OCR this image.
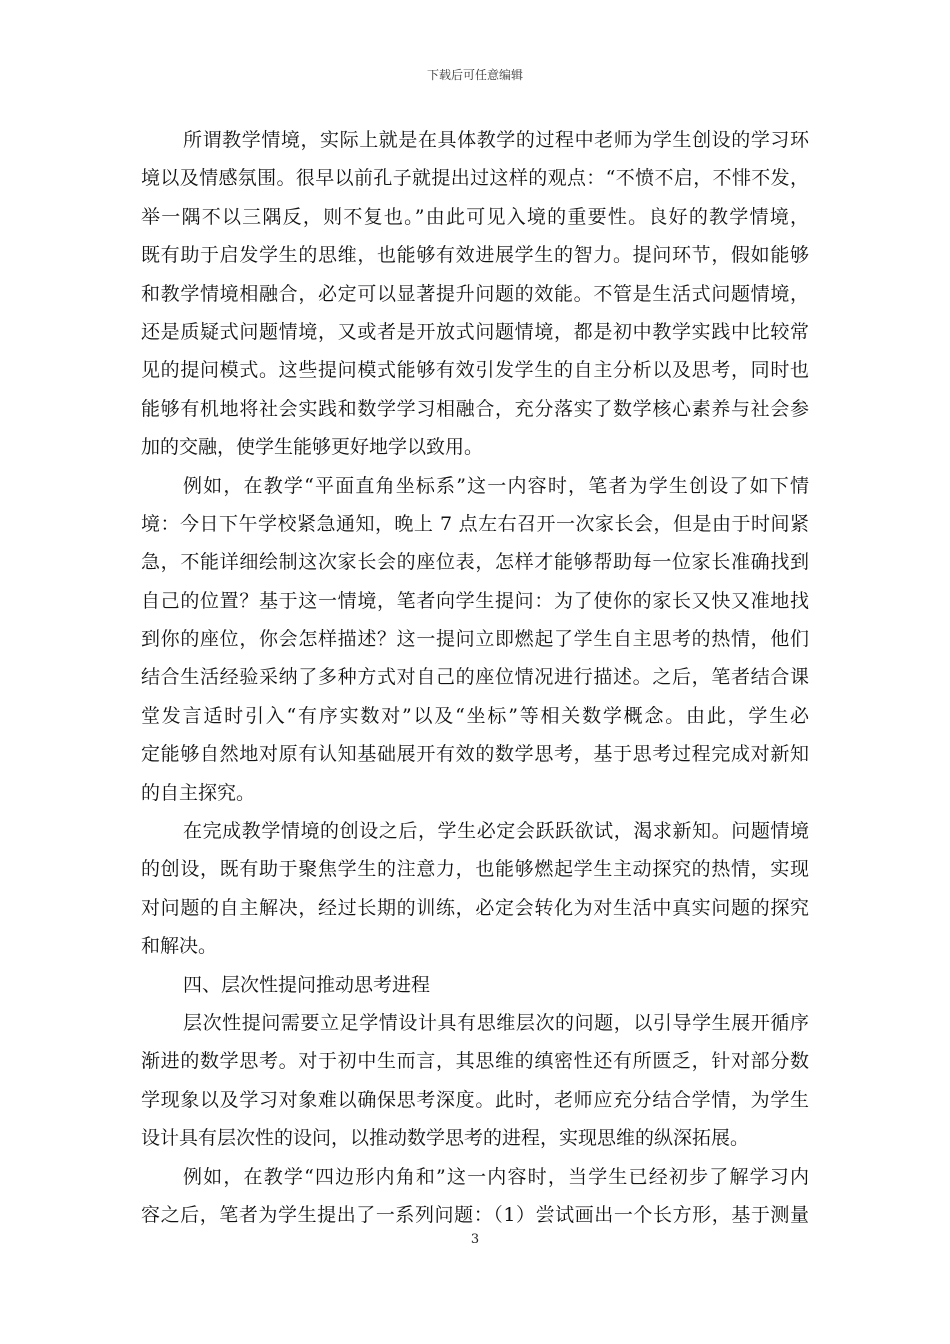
下载后可任意编辑
所谓教学情境，实际上就是在具体教学的过程中老师为学生创设的学习环
境以及情感氛围。很早以前孔子就提出过这样的观点：“不愤不启，不悱不发，
举一隅不以三隅反，则不复也。”由此可见入境的重要性。良好的教学情境，
既有助于启发学生的思维，也能够有效进展学生的智力。提问环节，假如能够
和教学情境相融合，必定可以显著提升问题的效能。不管是生活式问题情境，
还是质疑式问题情境，又或者是开放式问题情境，都是初中教学实践中比较常
见的提问模式。这些提问模式能够有效引发学生的自主分析以及思考，同时也
能够有机地将社会实践和数学学习相融合，充分落实了数学核心素养与社会参
加的交融，使学生能够更好地学以致用。
例如，在教学“平面直角坐标系”这一内容时，笔者为学生创设了如下情
境：今日下午学校紧急通知，晚上 7 点左右召开一次家长会，但是由于时间紧
急，不能详细绘制这次家长会的座位表，怎样才能够帮助每一位家长准确找到
自己的位置？基于这一情境，笔者向学生提问：为了使你的家长又快又准地找
到你的座位，你会怎样描述？这一提问立即燃起了学生自主思考的热情，他们
结合生活经验采纳了多种方式对自己的座位情况进行描述。之后，笔者结合课
堂发言适时引入“有序实数对”以及“坐标”等相关数学概念。由此，学生必
定能够自然地对原有认知基础展开有效的数学思考，基于思考过程完成对新知
的自主探究。
在完成教学情境的创设之后，学生必定会跃跃欲试，渴求新知。问题情境
的创设，既有助于聚焦学生的注意力，也能够燃起学生主动探究的热情，实现
对问题的自主解决，经过长期的训练，必定会转化为对生活中真实问题的探究
和解决。
四、层次性提问推动思考进程
层次性提问需要立足学情设计具有思维层次的问题，以引导学生展开循序
渐进的数学思考。对于初中生而言，其思维的缜密性还有所匮乏，针对部分数
学现象以及学习对象难以确保思考深度。此时，老师应充分结合学情，为学生
设计具有层次性的设问，以推动数学思考的进程，实现思维的纵深拓展。
例如，在教学“四边形内角和”这一内容时，当学生已经初步了解学习内
容之后，笔者为学生提出了一系列问题：（1）尝试画出一个长方形，基于测量
3
